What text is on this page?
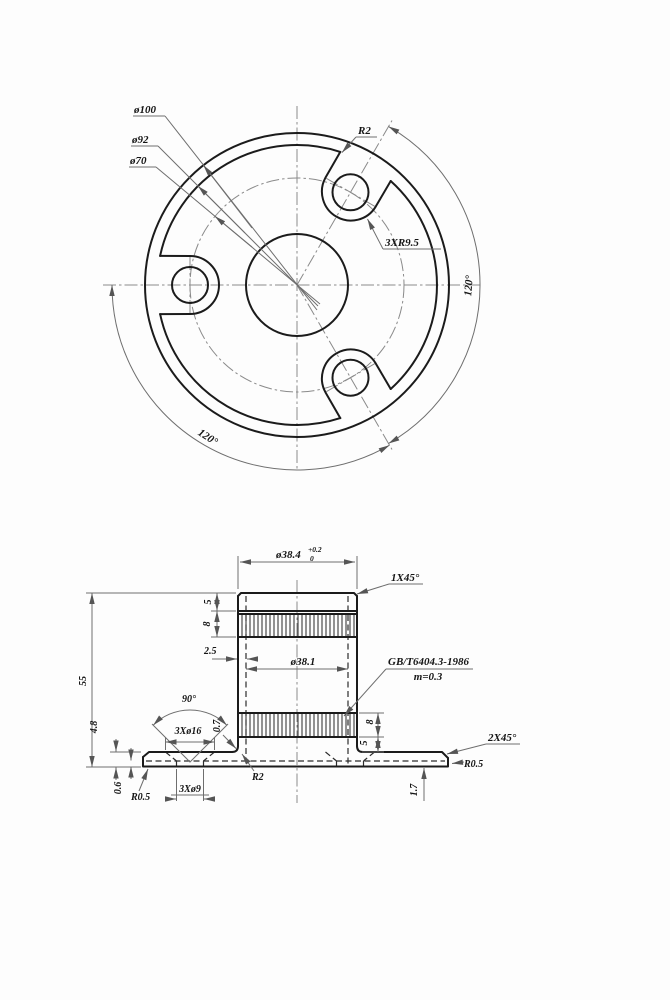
120°
120°
ø100
ø92
ø70
R2
3XR9.5
ø38.4 +0.2
0
1X45°
5
8
2.5
ø38.1	GB/T6404.3-1986
m=0.3
8
5
55
90°
3Xø16 0.7
4.8
0.6
R0.5
3Xø9
R2
2X45°
R0.5
1.7
